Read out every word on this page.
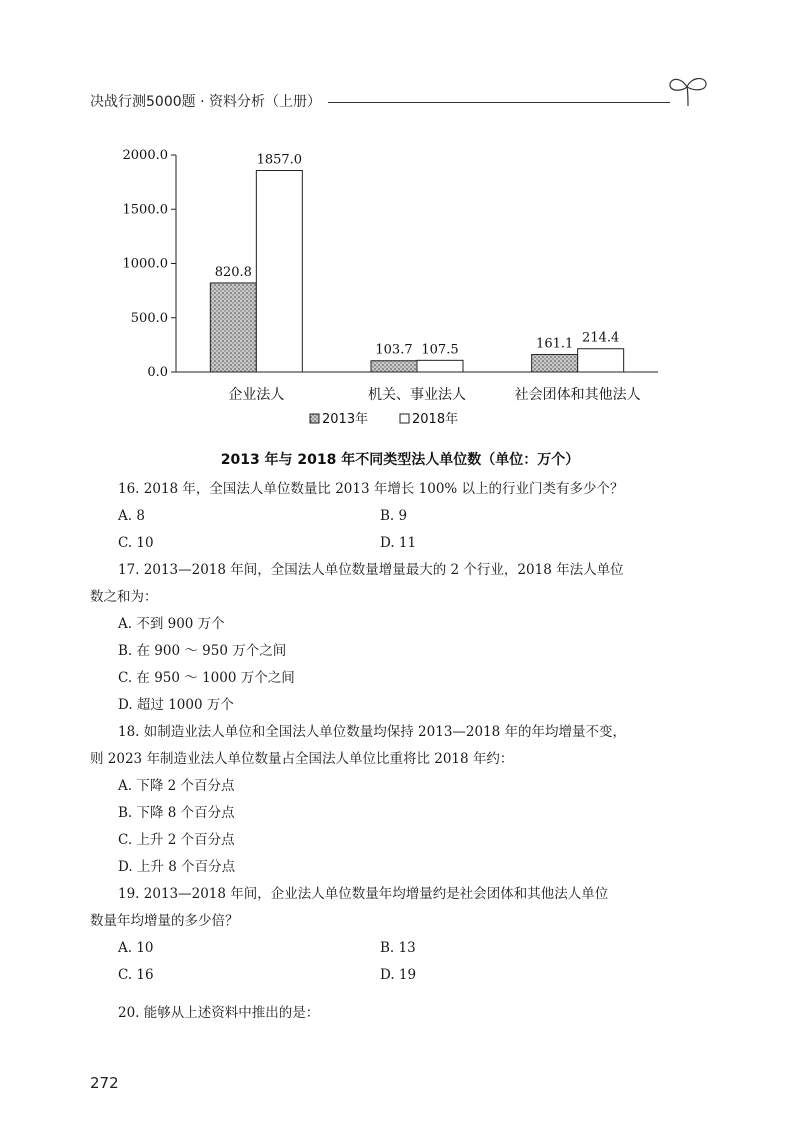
决战行测5000题 · 资料分析（上册）
0.0
500.0
1000.0
1500.0
2000.0
820.8
1857.0
企业法人
103.7 107.5
机关、事业法人
161.1 214.4
社会团体和其他法人
2013年	2018年
2013 年与 2018 年不同类型法人单位数（单位：万个）
16. 2018 年，全国法人单位数量比 2013 年增长 100% 以上的行业门类有多少个？
A. 8	B. 9
C. 10	D. 11
17. 2013—2018 年间，全国法人单位数量增量最大的 2 个行业，2018 年法人单位
数之和为：
A. 不到 900 万个
B. 在 900 ～ 950 万个之间
C. 在 950 ～ 1000 万个之间
D. 超过 1000 万个
18. 如制造业法人单位和全国法人单位数量均保持 2013—2018 年的年均增量不变，
则 2023 年制造业法人单位数量占全国法人单位比重将比 2018 年约：
A. 下降 2 个百分点
B. 下降 8 个百分点
C. 上升 2 个百分点
D. 上升 8 个百分点
19. 2013—2018 年间，企业法人单位数量年均增量约是社会团体和其他法人单位
数量年均增量的多少倍？
A. 10	B. 13
C. 16	D. 19
20. 能够从上述资料中推出的是：
272
